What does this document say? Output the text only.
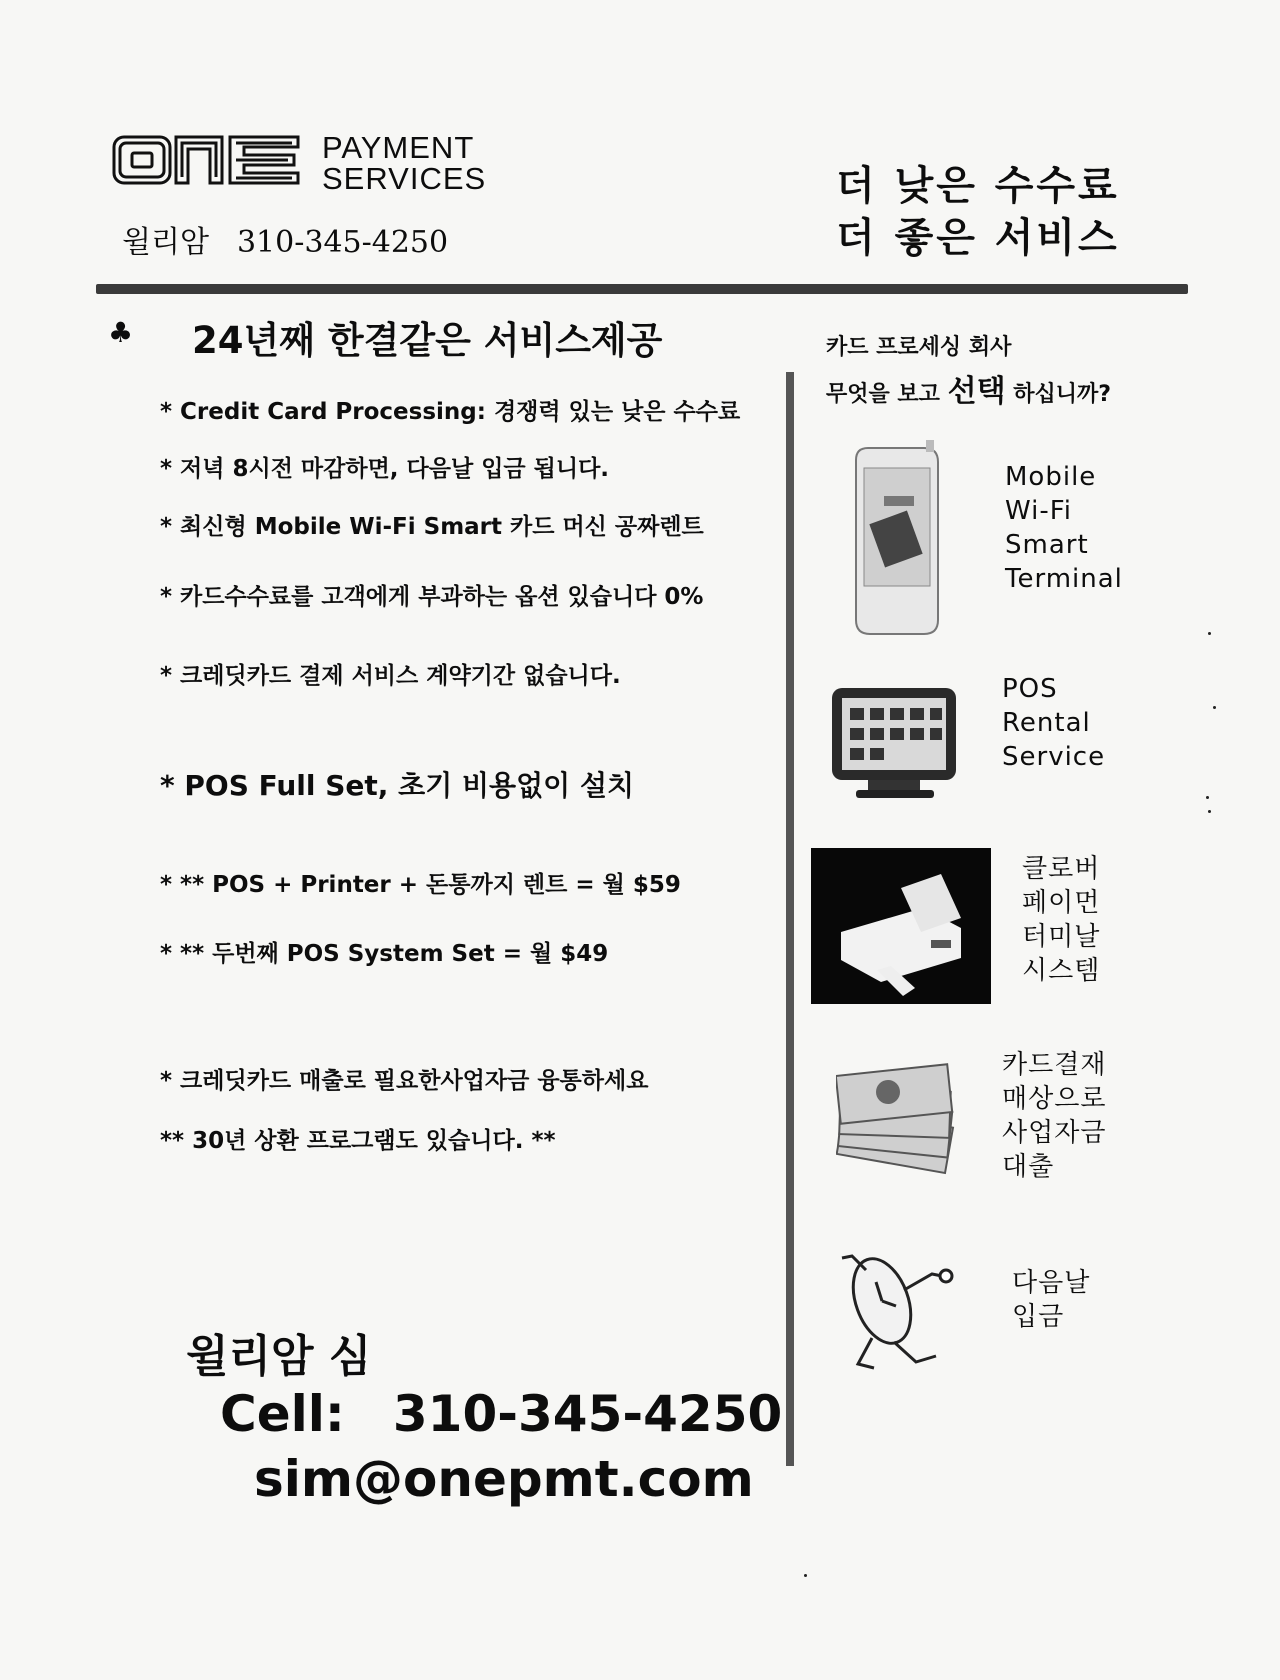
PAYMENT
SERVICES
윌리암 310-345-4250
더 낮은 수수료
더 좋은 서비스
♣ 24년째 한결같은 서비스제공
* Credit Card Processing: 경쟁력 있는 낮은 수수료
* 저녁 8시전 마감하면, 다음날 입금 됩니다.
* 최신형 Mobile Wi-Fi Smart 카드 머신 공짜렌트
* 카드수수료를 고객에게 부과하는 옵션 있습니다 0%
* 크레딧카드 결제 서비스 계약기간 없습니다.
* POS Full Set, 초기 비용없이 설치
* ** POS + Printer + 돈통까지 렌트 = 월 $59
* ** 두번째 POS System Set = 월 $49
* 크레딧카드 매출로 필요한사업자금 융통하세요
** 30년 상환 프로그램도 있습니다. **
윌리암 심
Cell: 310-345-4250
sim@onepmt.com
카드 프로세싱 회사
무엇을 보고 선택 하십니까?
Mobile
Wi-Fi
Smart
Terminal
POS
Rental
Service
클로버
페이먼
터미날
시스템
카드결재
매상으로
사업자금
대출
다음날
입금
